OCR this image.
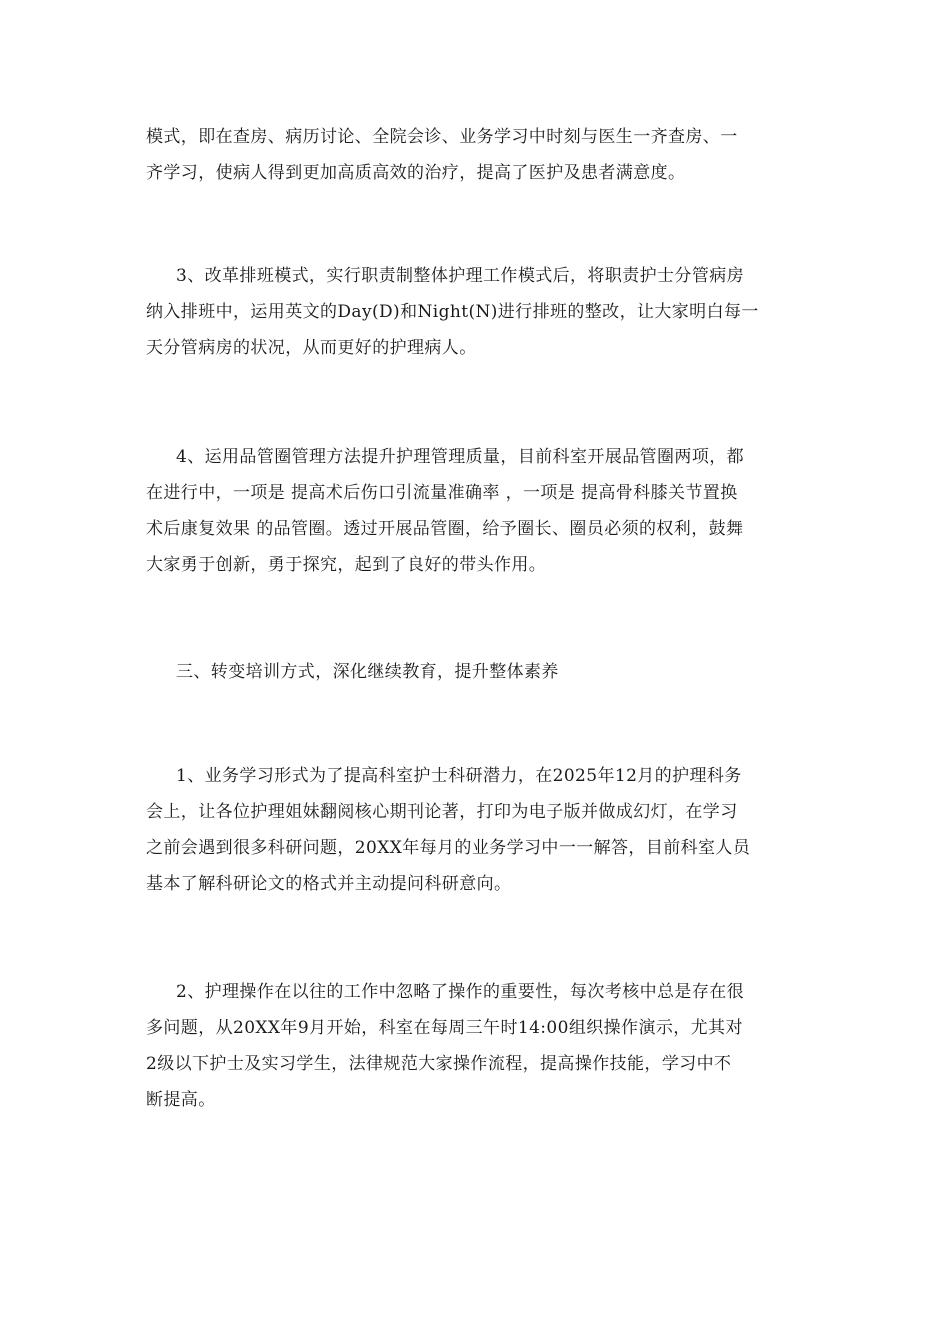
模式，即在查房、病历讨论、全院会诊、业务学习中时刻与医生一齐查房、一
齐学习，使病人得到更加高质高效的治疗，提高了医护及患者满意度。
3、改革排班模式，实行职责制整体护理工作模式后，将职责护士分管病房
纳入排班中，运用英文的Day(D)和Night(N)进行排班的整改，让大家明白每一
天分管病房的状况，从而更好的护理病人。
4、运用品管圈管理方法提升护理管理质量，目前科室开展品管圈两项，都
在进行中，一项是 提高术后伤口引流量准确率 ，一项是 提高骨科膝关节置换
术后康复效果 的品管圈。透过开展品管圈，给予圈长、圈员必须的权利，鼓舞
大家勇于创新，勇于探究，起到了良好的带头作用。
三、转变培训方式，深化继续教育，提升整体素养
1、业务学习形式为了提高科室护士科研潜力，在2025年12月的护理科务
会上，让各位护理姐妹翻阅核心期刊论著，打印为电子版并做成幻灯，在学习
之前会遇到很多科研问题，20XX年每月的业务学习中一一解答，目前科室人员
基本了解科研论文的格式并主动提问科研意向。
2、护理操作在以往的工作中忽略了操作的重要性，每次考核中总是存在很
多问题，从20XX年9月开始，科室在每周三午时14:00组织操作演示，尤其对
2级以下护士及实习学生，法律规范大家操作流程，提高操作技能，学习中不
断提高。
